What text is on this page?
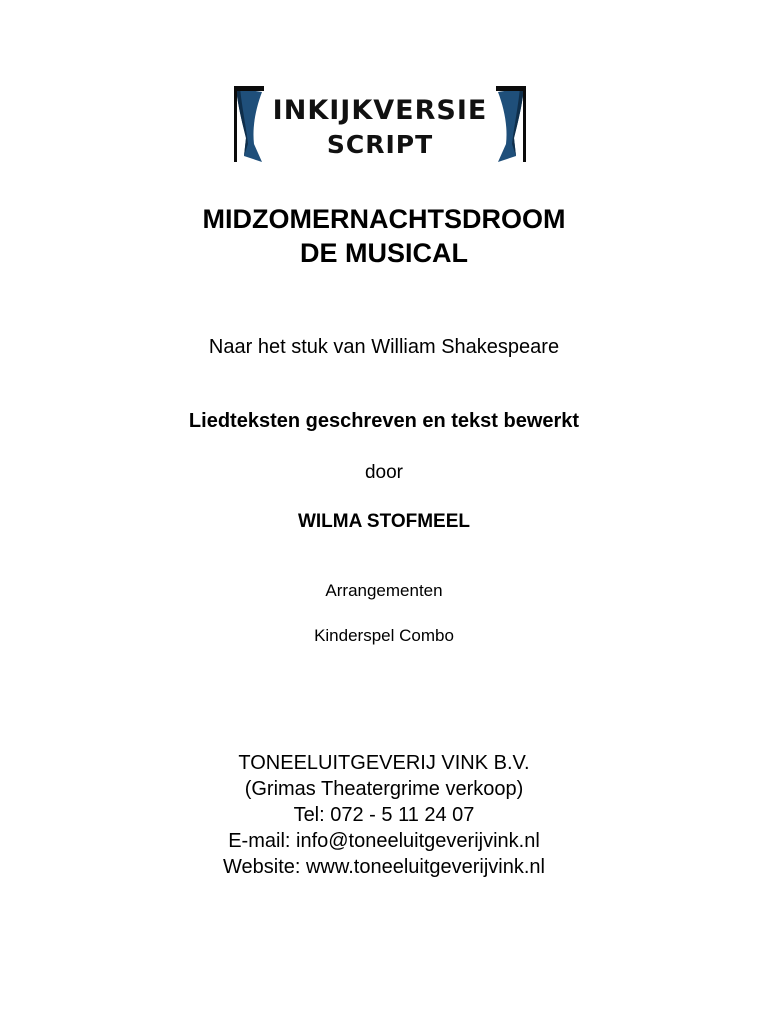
INKIJKVERSIE
SCRIPT
MIDZOMERNACHTSDROOM
DE MUSICAL
Naar het stuk van William Shakespeare
Liedteksten geschreven en tekst bewerkt
door
WILMA STOFMEEL
Arrangementen
Kinderspel Combo
TONEELUITGEVERIJ VINK B.V.
(Grimas Theatergrime verkoop)
Tel: 072 - 5 11 24 07
E-mail: info@toneeluitgeverijvink.nl
Website: www.toneeluitgeverijvink.nl
